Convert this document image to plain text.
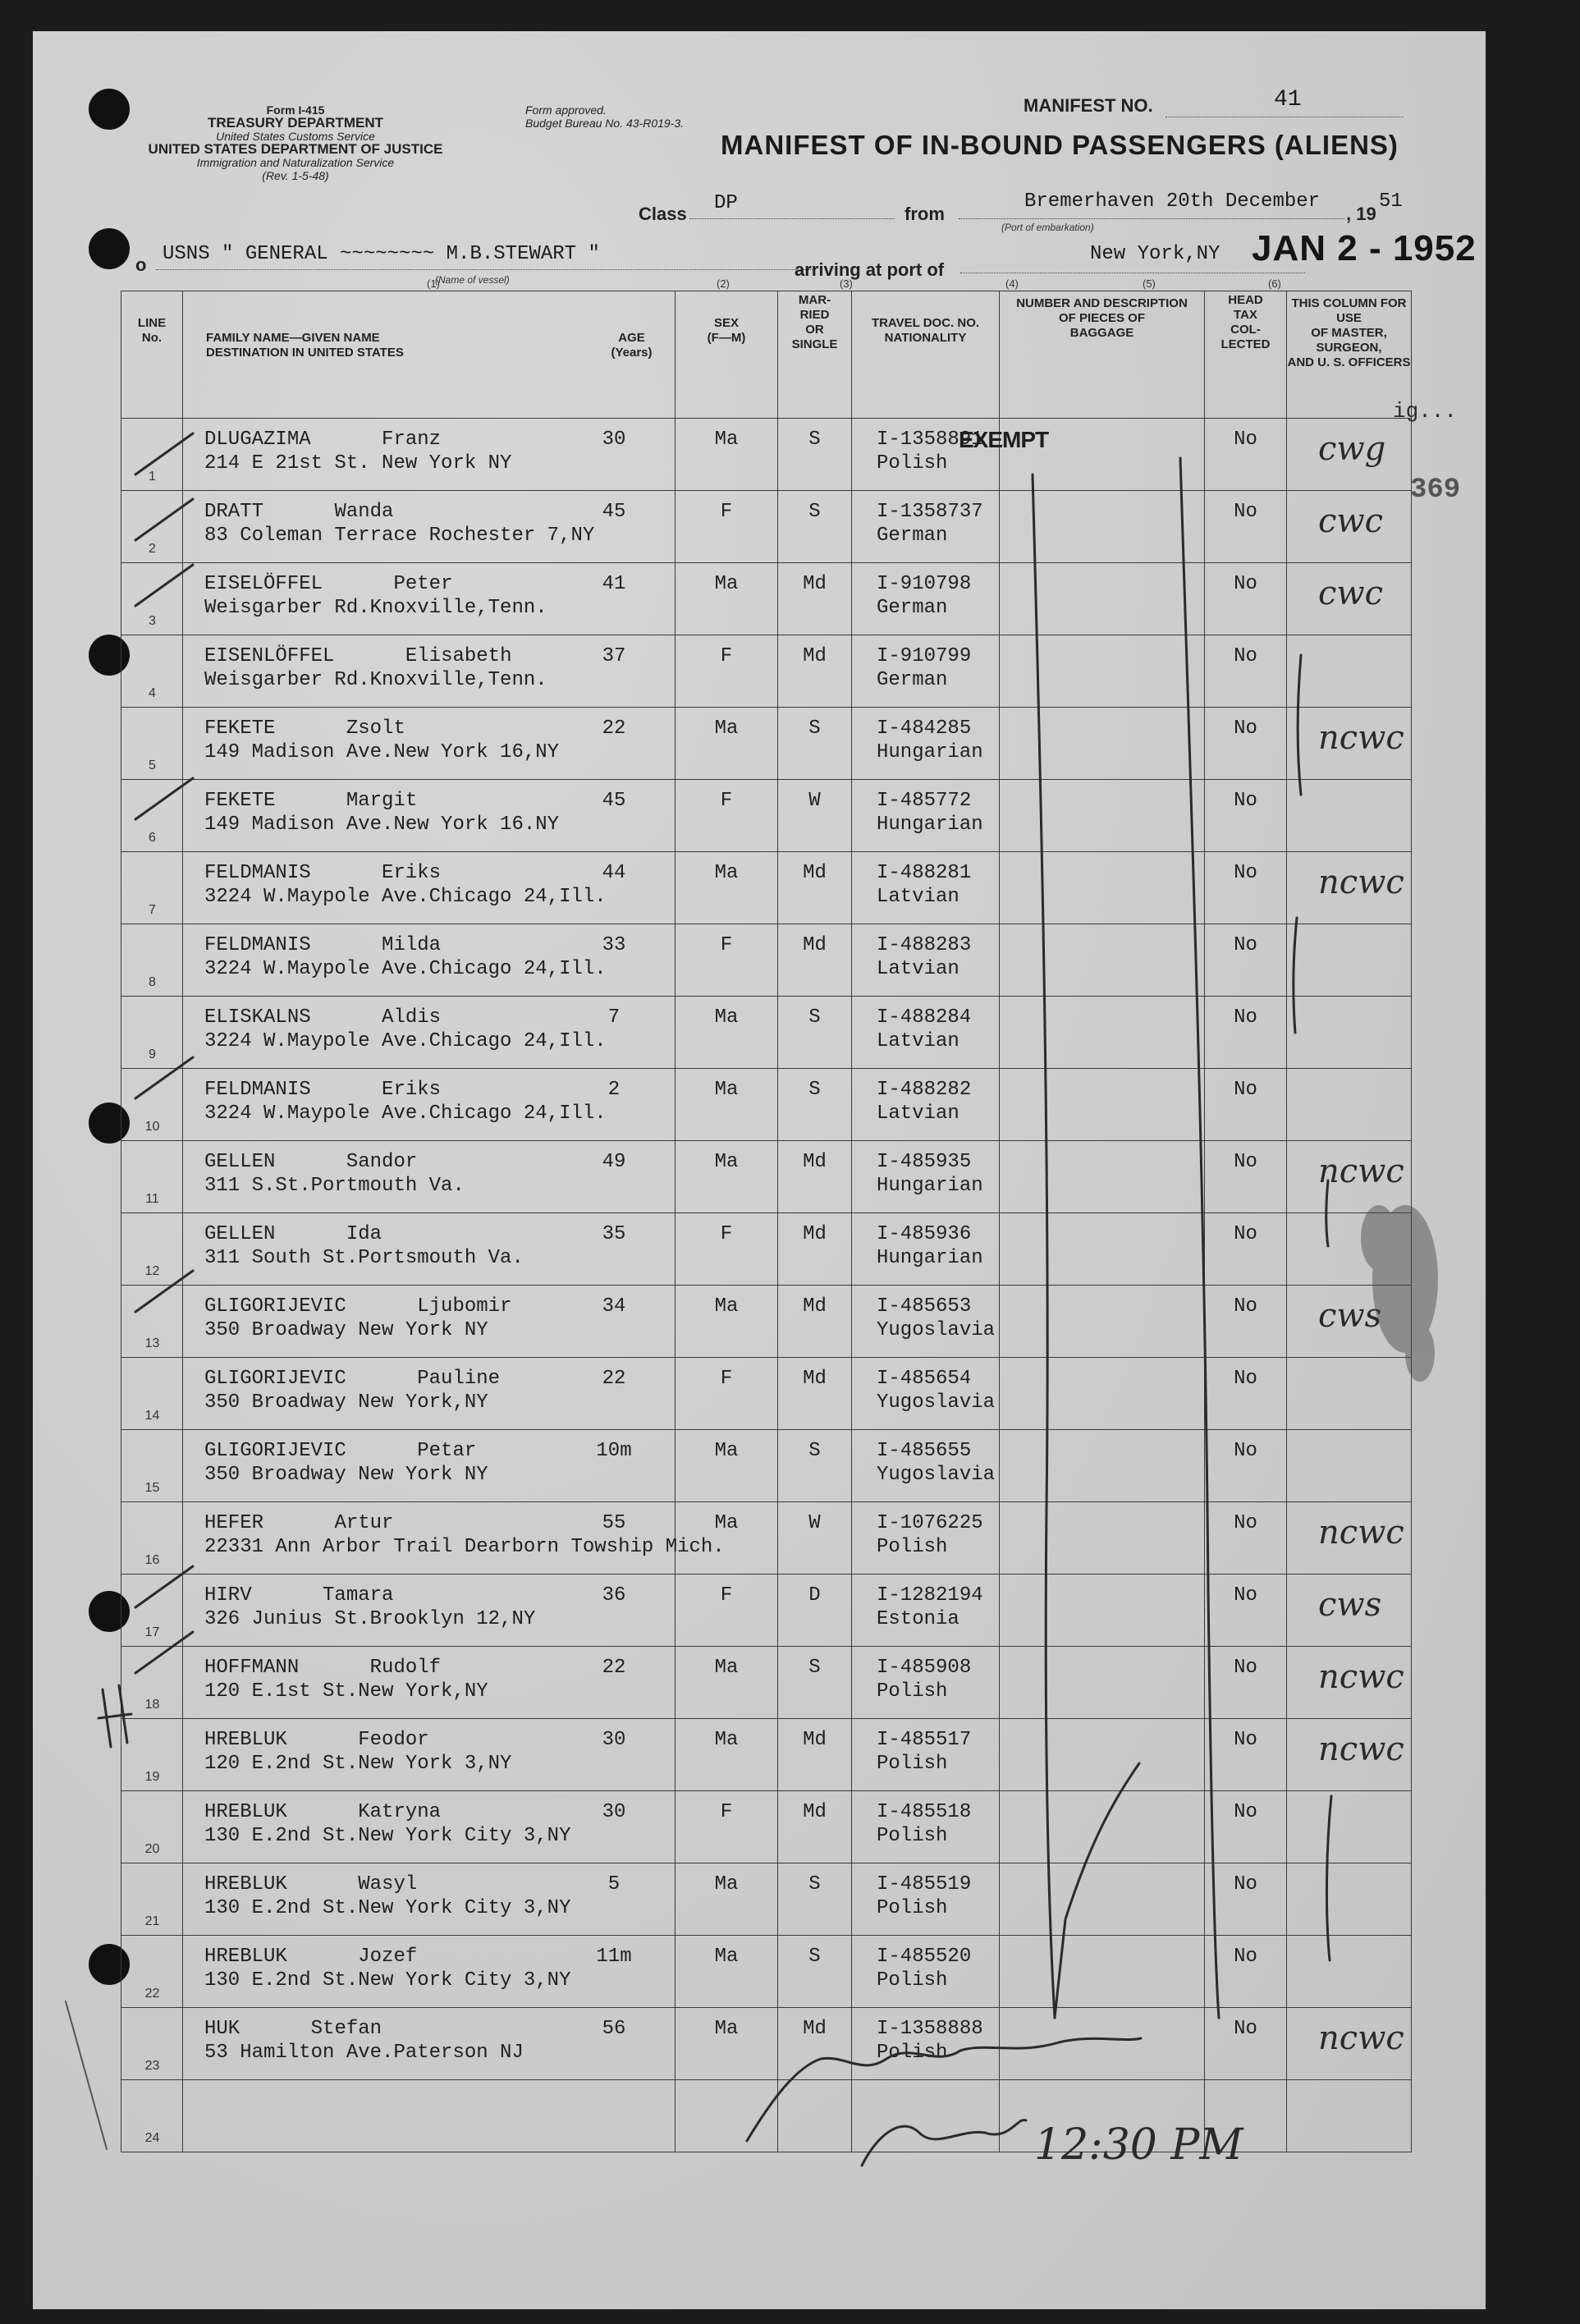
Form I-415
TREASURY DEPARTMENT
United States Customs Service
UNITED STATES DEPARTMENT OF JUSTICE
Immigration and Naturalization Service
(Rev. 1-5-48)
Form approved.
Budget Bureau No. 43-R019-3.
MANIFEST NO.	41
MANIFEST OF IN-BOUND PASSENGERS (ALIENS)
Class DP	from
Bremerhaven 20th December
, 19
51
(Port of embarkation)
o USNS " GENERAL ~~~~~~~~ M.B.STEWART "
(Name of vessel)	arriving at port of
New York,NY JAN 2 - 1952
(1)	(2)	(3)	(4)	(5)	(6)
LINE
No.	FAMILY NAME—GIVEN NAME
DESTINATION IN UNITED STATES
AGE
(Years)	SEX
(F—M)	MAR-
RIED
OR
SINGLE	TRAVEL DOC. NO.
NATIONALITY	NUMBER AND DESCRIPTION
OF PIECES OF
BAGGAGE	HEAD
TAX
COL-
LECTED	THIS COLUMN FOR USE
OF MASTER, SURGEON,
AND U. S. OFFICERS

1	DLUGAZIMA Franz 30
214 E 21st St. New York NY	Ma	S	I-1358891
Polish		No	cwg

2	DRATT Wanda 45
83 Coleman Terrace Rochester 7,NY	F	S	I-1358737
German		No	cwc

3	EISELÖFFEL Peter 41
Weisgarber Rd.Knoxville,Tenn.	Ma	Md	I-910798
German		No	cwc

4	EISENLÖFFEL Elisabeth 37
Weisgarber Rd.Knoxville,Tenn.	F	Md	I-910799
German		No	

5	FEKETE Zsolt 22
149 Madison Ave.New York 16,NY	Ma	S	I-484285
Hungarian		No	ncwc

6	FEKETE Margit 45
149 Madison Ave.New York 16.NY	F	W	I-485772
Hungarian		No	

7	FELDMANIS Eriks 44
3224 W.Maypole Ave.Chicago 24,Ill.	Ma	Md	I-488281
Latvian		No	ncwc

8	FELDMANIS Milda 33
3224 W.Maypole Ave.Chicago 24,Ill.	F	Md	I-488283
Latvian		No	

9	ELISKALNS Aldis 7
3224 W.Maypole Ave.Chicago 24,Ill.	Ma	S	I-488284
Latvian		No	

10	FELDMANIS Eriks 2
3224 W.Maypole Ave.Chicago 24,Ill.	Ma	S	I-488282
Latvian		No	

11	GELLEN Sandor 49
311 S.St.Portmouth Va.	Ma	Md	I-485935
Hungarian		No	ncwc

12	GELLEN Ida 35
311 South St.Portsmouth Va.	F	Md	I-485936
Hungarian		No	

13	GLIGORIJEVIC Ljubomir 34
350 Broadway New York NY	Ma	Md	I-485653
Yugoslavia		No	cws

14	GLIGORIJEVIC Pauline 22
350 Broadway New York,NY	F	Md	I-485654
Yugoslavia		No	

15	GLIGORIJEVIC Petar 10m
350 Broadway New York NY	Ma	S	I-485655
Yugoslavia		No	

16	HEFER Artur 55
22331 Ann Arbor Trail Dearborn Towship Mich.	Ma	W	I-1076225
Polish		No	ncwc

17	HIRV Tamara 36
326 Junius St.Brooklyn 12,NY	F	D	I-1282194
Estonia		No	cws

18	HOFFMANN Rudolf 22
120 E.1st St.New York,NY	Ma	S	I-485908
Polish		No	ncwc

19	HREBLUK Feodor 30
120 E.2nd St.New York 3,NY	Ma	Md	I-485517
Polish		No	ncwc

20	HREBLUK Katryna 30
130 E.2nd St.New York City 3,NY	F	Md	I-485518
Polish		No	

21	HREBLUK Wasyl 5
130 E.2nd St.New York City 3,NY	Ma	S	I-485519
Polish		No	

22	HREBLUK Jozef 11m
130 E.2nd St.New York City 3,NY	Ma	S	I-485520
Polish		No	

23	HUK Stefan 56
53 Hamilton Ave.Paterson NJ	Ma	Md	I-1358888
Polish		No	ncwc

24							

EXEMPT
ig...
369
12:30 PM
